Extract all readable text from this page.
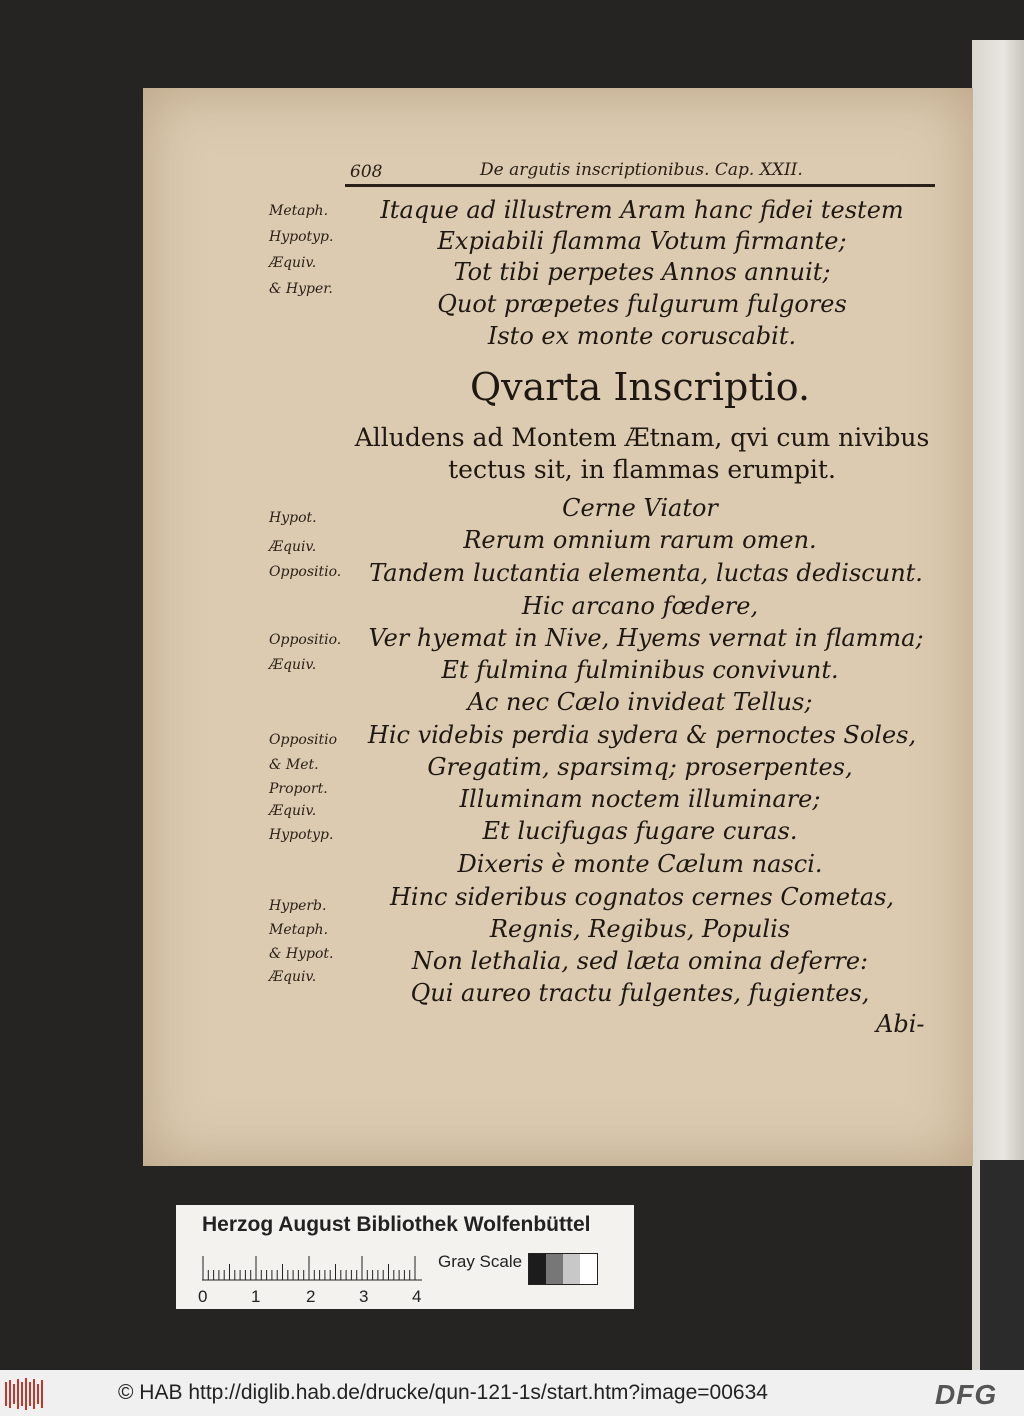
608	De argutis inscriptionibus. Cap. XXII.
Metaph.
Hypotyp.
Æquiv.
& Hyper.
Hypot.
Æquiv.
Oppositio.
Oppositio.
Æquiv.
Oppositio
& Met.
Proport.
Æquiv.
Hypotyp.
Hyperb.
Metaph.
& Hypot.
Æquiv.
Itaque ad illustrem Aram hanc fidei testem
Expiabili flamma Votum firmante;
Tot tibi perpetes Annos annuit;
Quot præpetes fulgurum fulgores
Isto ex monte coruscabit.
Qvarta Inscriptio.
Alludens ad Montem Ætnam, qvi cum nivibus
tectus sit, in flammas erumpit.
Cerne Viator
Rerum omnium rarum omen.
Tandem luctantia elementa, luctas dediscunt.
Hic arcano fœdere,
Ver hyemat in Nive, Hyems vernat in flamma;
Et fulmina fulminibus convivunt.
Ac nec Cælo invideat Tellus;
Hic videbis perdia sydera & pernoctes Soles,
Gregatim, sparsimq; proserpentes,
Illuminam noctem illuminare;
Et lucifugas fugare curas.
Dixeris è monte Cælum nasci.
Hinc sideribus cognatos cernes Cometas,
Regnis, Regibus, Populis
Non lethalia, sed læta omina deferre:
Qui aureo tractu fulgentes, fugientes,
Abi-
Herzog August Bibliothek Wolfenbüttel
0	1	2	3	4
Gray Scale
© HAB http://diglib.hab.de/drucke/qun-121-1s/start.htm?image=00634	DFG
